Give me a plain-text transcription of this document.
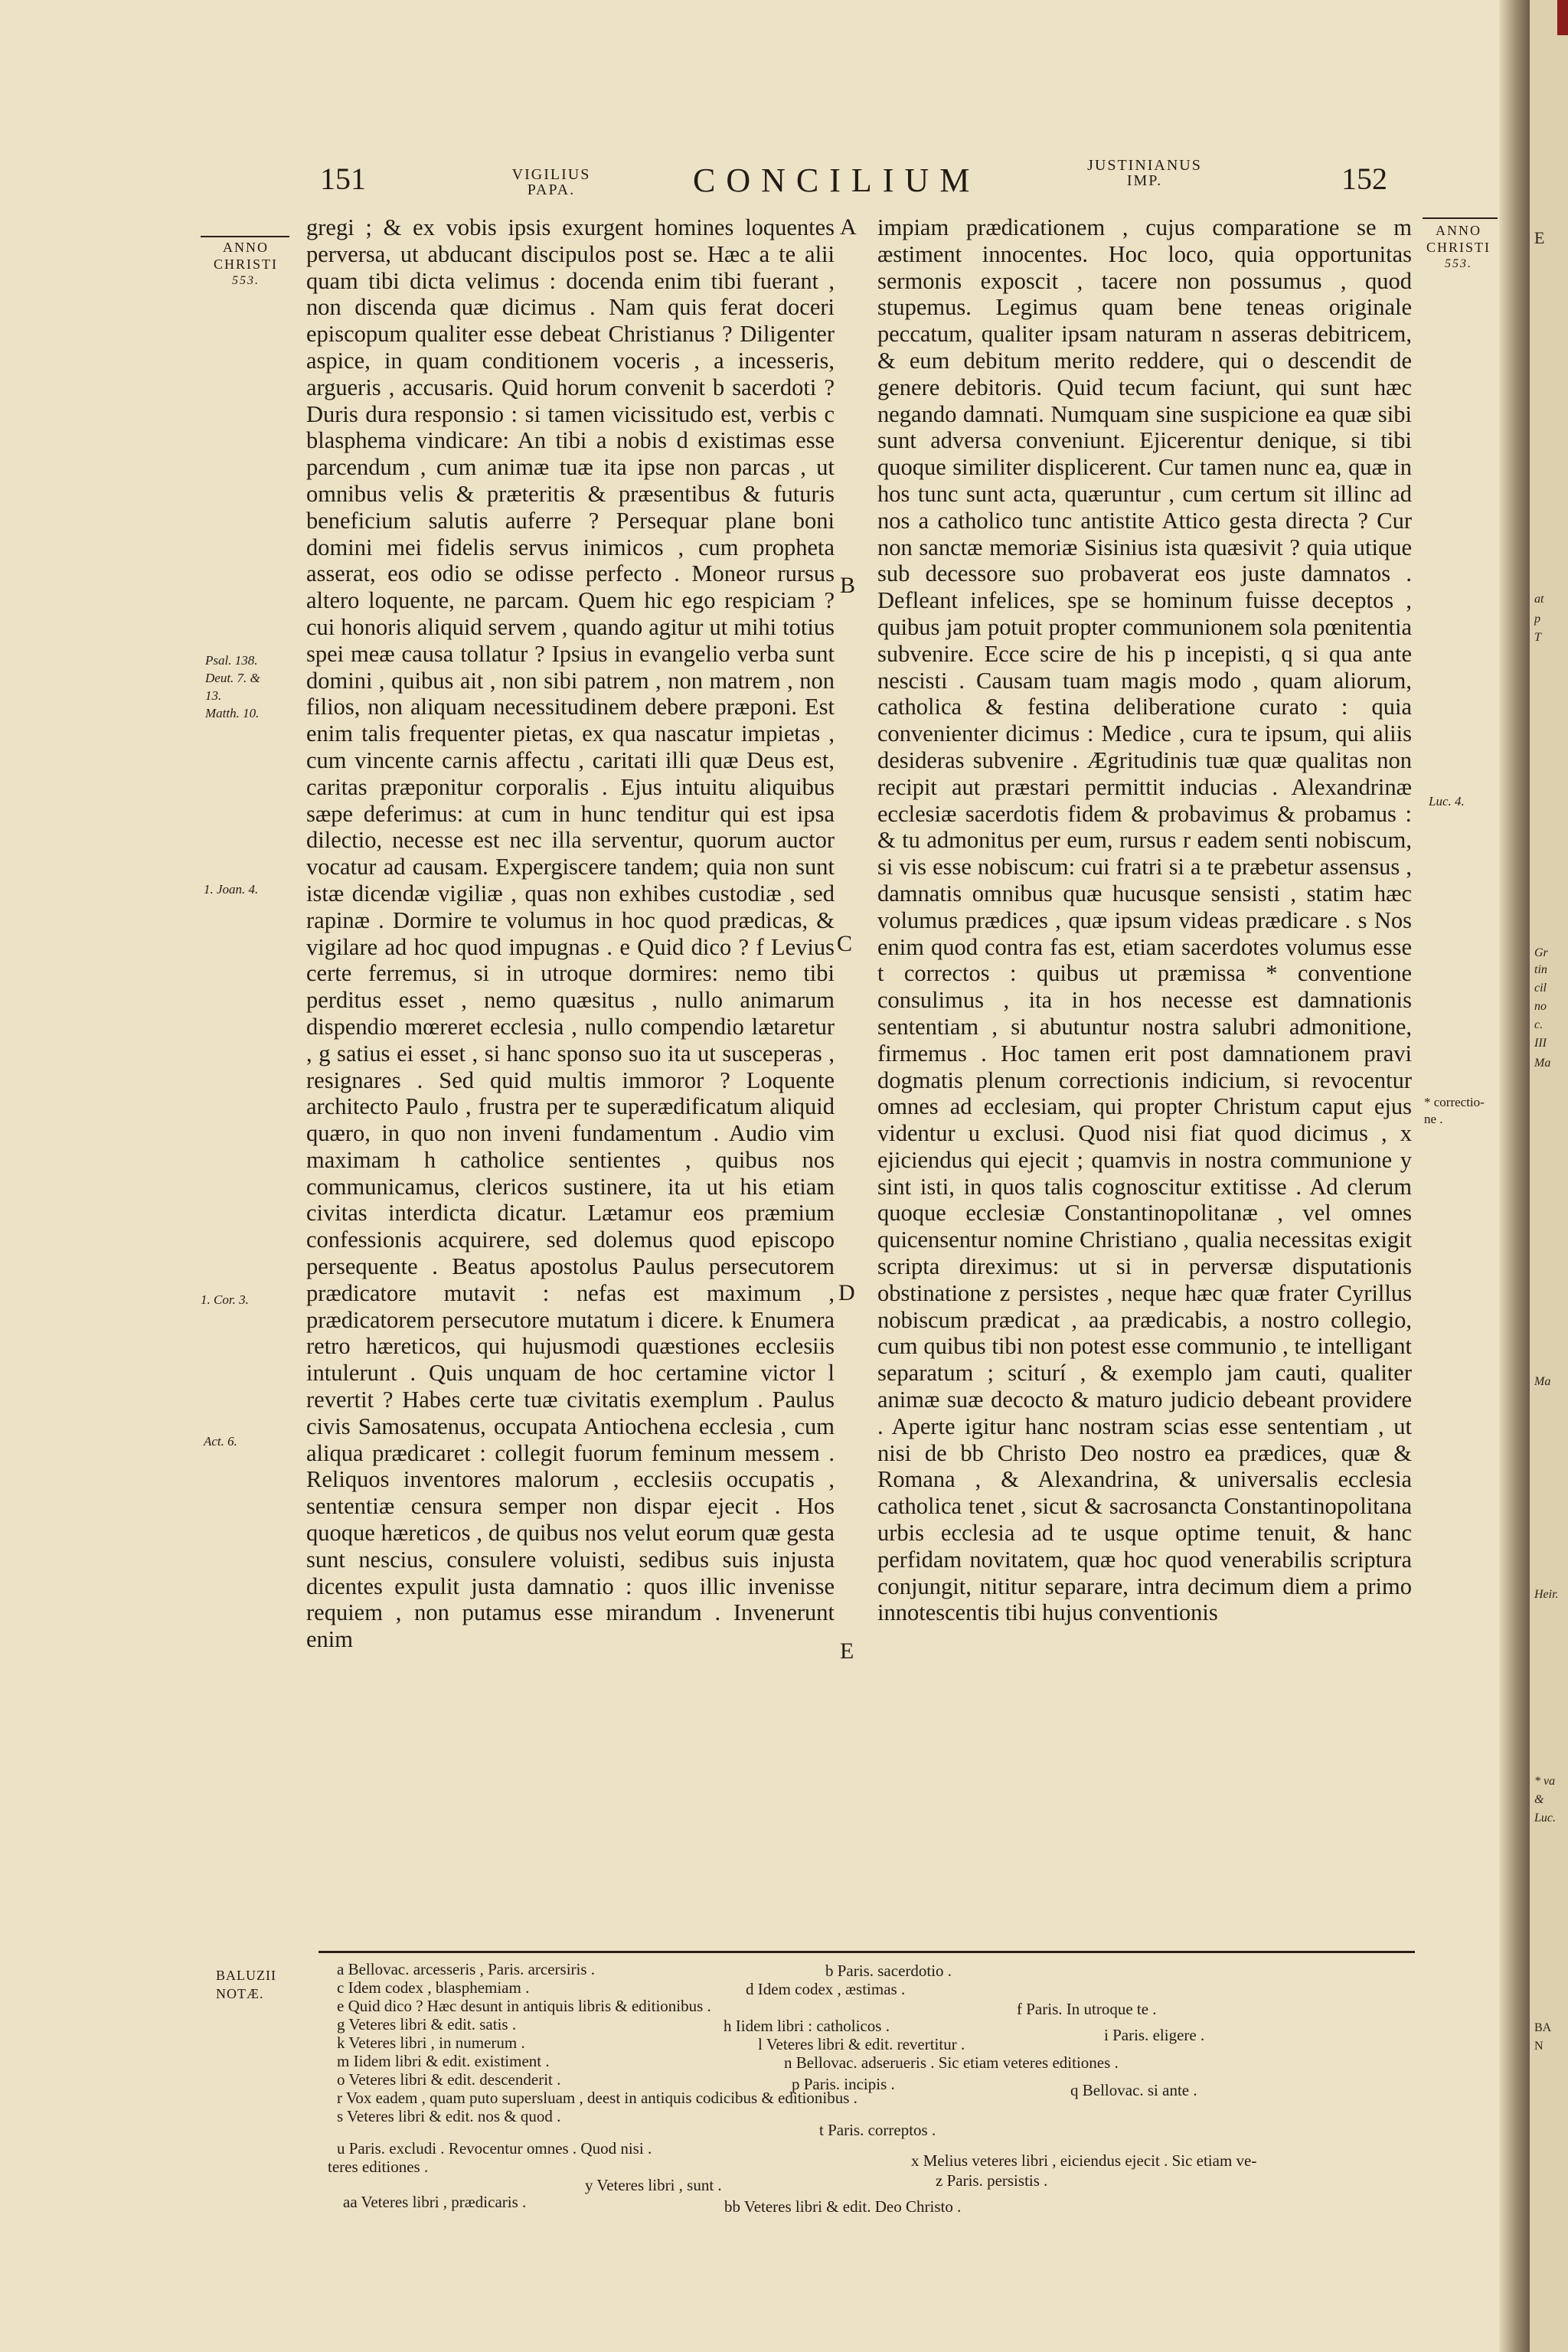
151	VIGILIUS
PAPA.	CONCILIUM	JUSTINIANUS
IMP.	152
ANNO
CHRISTI
553.
ANNO
CHRISTI
553.
Psal. 138.
Deut. 7. &
13.
Matth. 10.
1. Joan. 4.
1. Cor. 3.
Act. 6.
Luc. 4.
* correctio-
ne .
A
B
C
D
E

gregi ; & ex vobis ipsis exurgent homines loquentes perversa, ut abducant discipulos post se. Hæc a te alii quam tibi dicta velimus : docenda enim tibi fuerant , non discenda quæ dicimus . Nam quis ferat doceri episcopum qualiter esse debeat Christianus ? Diligenter aspice, in quam conditionem voceris , a incesseris, argueris , accusaris. Quid horum convenit b sacerdoti ? Duris dura responsio : si tamen vicissitudo est, verbis c blasphema vindicare: An tibi a nobis d existimas esse parcendum , cum animæ tuæ ita ipse non parcas , ut omnibus velis & præteritis & præsentibus & futuris beneficium salutis auferre ? Persequar plane boni domini mei fidelis servus inimicos , cum propheta asserat, eos odio se odisse perfecto . Moneor rursus altero loquente, ne parcam. Quem hic ego respiciam ? cui honoris aliquid servem , quando agitur ut mihi totius spei meæ causa tollatur ? Ipsius in evangelio verba sunt domini , quibus ait , non sibi patrem , non matrem , non filios, non aliquam necessitudinem debere præponi. Est enim talis frequenter pietas, ex qua nascatur impietas , cum vincente carnis affectu , caritati illi quæ Deus est, caritas præponitur corporalis . Ejus intuitu aliquibus sæpe deferimus: at cum in hunc tenditur qui est ipsa dilectio, necesse est nec illa serventur, quorum auctor vocatur ad causam. Expergiscere tandem; quia non sunt istæ dicendæ vigiliæ , quas non exhibes custodiæ , sed rapinæ . Dormire te volumus in hoc quod prædicas, & vigilare ad hoc quod impugnas . e Quid dico ? f Levius certe ferremus, si in utroque dormires: nemo tibi perditus esset , nemo quæsitus , nullo animarum dispendio mœreret ecclesia , nullo compendio lætaretur , g satius ei esset , si hanc sponso suo ita ut susceperas , resignares . Sed quid multis immoror ? Loquente architecto Paulo , frustra per te superædificatum aliquid quæro, in quo non inveni fundamentum . Audio vim maximam h catholice sentientes , quibus nos communicamus, clericos sustinere, ita ut his etiam civitas interdicta dicatur. Lætamur eos præmium confessionis acquirere, sed dolemus quod episcopo persequente . Beatus apostolus Paulus persecutorem prædicatore mutavit : nefas est maximum , prædicatorem persecutore mutatum i dicere. k Enumera retro hæreticos, qui hujusmodi quæstiones ecclesiis intulerunt . Quis unquam de hoc certamine victor l revertit ? Habes certe tuæ civitatis exemplum . Paulus civis Samosatenus, occupata Antiochena ecclesia , cum aliqua prædicaret : collegit fuorum feminum messem . Reliquos inventores malorum , ecclesiis occupatis , sententiæ censura semper non dispar ejecit . Hos quoque hæreticos , de quibus nos velut eorum quæ gesta sunt nescius, consulere voluisti, sedibus suis injusta dicentes expulit justa damnatio : quos illic invenisse requiem , non putamus esse mirandum . Invenerunt enim

impiam prædicationem , cujus comparatione se m æstiment innocentes. Hoc loco, quia opportunitas sermonis exposcit , tacere non possumus , quod stupemus. Legimus quam bene teneas originale peccatum, qualiter ipsam naturam n asseras debitricem, & eum debitum merito reddere, qui o descendit de genere debitoris. Quid tecum faciunt, qui sunt hæc negando damnati. Numquam sine suspicione ea quæ sibi sunt adversa conveniunt. Ejicerentur denique, si tibi quoque similiter displicerent. Cur tamen nunc ea, quæ in hos tunc sunt acta, quæruntur , cum certum sit illinc ad nos a catholico tunc antistite Attico gesta directa ? Cur non sanctæ memoriæ Sisinius ista quæsivit ? quia utique sub decessore suo probaverat eos juste damnatos . Defleant infelices, spe se hominum fuisse deceptos , quibus jam potuit propter communionem sola pœnitentia subvenire. Ecce scire de his p incepisti, q si qua ante nescisti . Causam tuam magis modo , quam aliorum, catholica & festina deliberatione curato : quia convenienter dicimus : Medice , cura te ipsum, qui aliis desideras subvenire . Ægritudinis tuæ quæ qualitas non recipit aut præstari permittit inducias . Alexandrinæ ecclesiæ sacerdotis fidem & probavimus & probamus : & tu admonitus per eum, rursus r eadem senti nobiscum, si vis esse nobiscum: cui fratri si a te præbetur assensus , damnatis omnibus quæ hucusque sensisti , statim hæc volumus prædices , quæ ipsum videas prædicare . s Nos enim quod contra fas est, etiam sacerdotes volumus esse t correctos : quibus ut præmissa * conventione consulimus , ita in hos necesse est damnationis sententiam , si abutuntur nostra salubri admonitione, firmemus . Hoc tamen erit post damnationem pravi dogmatis plenum correctionis indicium, si revocentur omnes ad ecclesiam, qui propter Christum caput ejus videntur u exclusi. Quod nisi fiat quod dicimus , x ejiciendus qui ejecit ; quamvis in nostra communione y sint isti, in quos talis cognoscitur extitisse . Ad clerum quoque ecclesiæ Constantinopolitanæ , vel omnes quicensentur nomine Christiano , qualia necessitas exigit scripta direximus: ut si in perversæ disputationis obstinatione z persistes , neque hæc quæ frater Cyrillus nobiscum prædicat , aa prædicabis, a nostro collegio, cum quibus tibi non potest esse communio , te intelligant separatum ; sciturí , & exemplo jam cauti, qualiter animæ suæ decocto & maturo judicio debeant providere . Aperte igitur hanc nostram scias esse sententiam , ut nisi de bb Christo Deo nostro ea prædices, quæ & Romana , & Alexandrina, & universalis ecclesia catholica tenet , sicut & sacrosancta Constantinopolitana urbis ecclesia ad te usque optime tenuit, & hanc perfidam novitatem, quæ hoc quod venerabilis scriptura conjungit, nititur separare, intra decimum diem a primo innotescentis tibi hujus conventionis

BALUZII
NOTÆ.
a Bellovac. arcesseris , Paris. arcersiris .	b Paris. sacerdotio .
c Idem codex , blasphemiam .	d Idem codex , æstimas .
e Quid dico ? Hæc desunt in antiquis libris & editionibus .	f Paris. In utroque te .
g Veteres libri & edit. satis .	h Iidem libri : catholicos .	i Paris. eligere .
k Veteres libri , in numerum .	l Veteres libri & edit. revertitur .
m Iidem libri & edit. existiment .	n Bellovac. adserueris . Sic etiam veteres editiones .
o Veteres libri & edit. descenderit .	p Paris. incipis .	q Bellovac. si ante .
r Vox eadem , quam puto supersluam , deest in antiquis codicibus & editionibus .
s Veteres libri & edit. nos & quod .
t Paris. correptos .
u Paris. excludi . Revocentur omnes . Quod nisi .
x Melius veteres libri , eiciendus ejecit . Sic etiam ve-
teres editiones .
y Veteres libri , sunt .	z Paris. persistis .
aa Veteres libri , prædicaris .	bb Veteres libri & edit. Deo Christo .
E
at
p
T
Gr
tin
cil
no
c.
III
Ma
Ma
Heir.
* va
&
Luc.
BA
N
